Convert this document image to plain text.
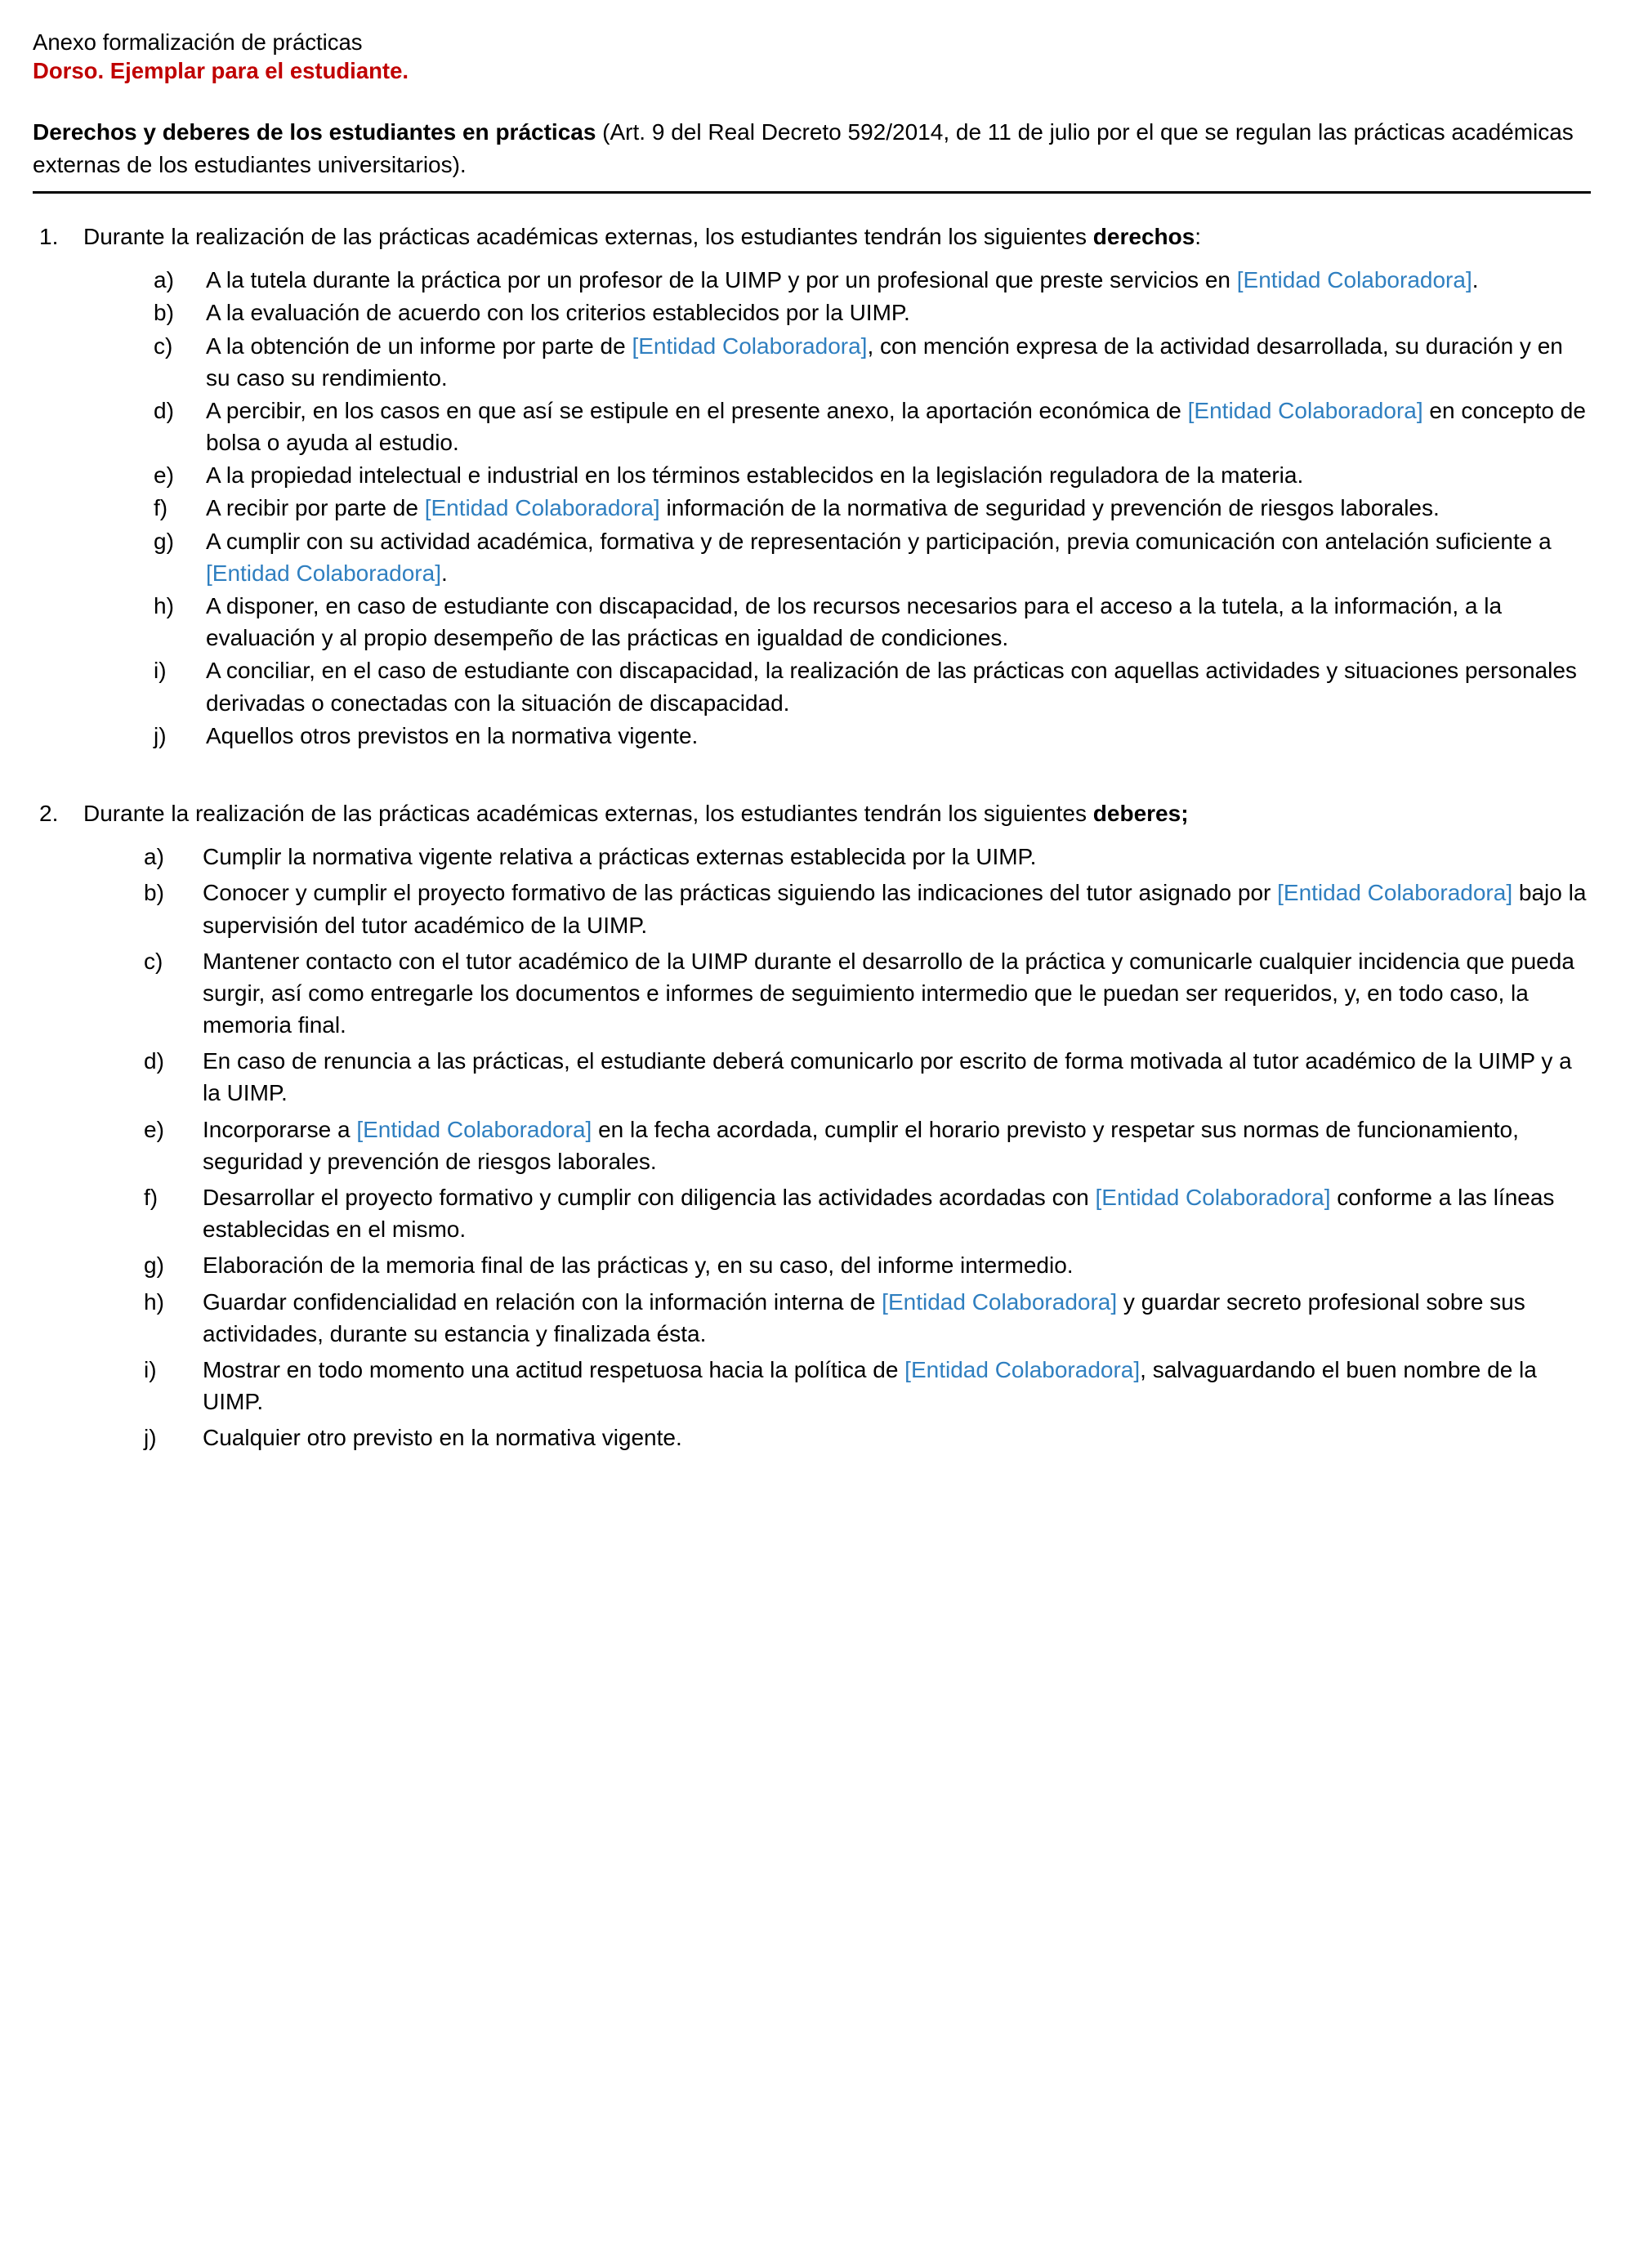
Anexo formalización de prácticas
Dorso. Ejemplar para el estudiante.
Derechos y deberes de los estudiantes en prácticas (Art. 9 del Real Decreto 592/2014, de 11 de julio por el que se regulan las prácticas académicas externas de los estudiantes universitarios).
1.	Durante la realización de las prácticas académicas externas, los estudiantes tendrán los siguientes derechos:
a)	A la tutela durante la práctica por un profesor de la UIMP y por un profesional que preste servicios en [Entidad Colaboradora].
b)	A la evaluación de acuerdo con los criterios establecidos por la UIMP.
c)	A la obtención de un informe por parte de [Entidad Colaboradora], con mención expresa de la actividad desarrollada, su duración y en su caso su rendimiento.
d)	A percibir, en los casos en que así se estipule en el presente anexo, la aportación económica de [Entidad Colaboradora] en concepto de bolsa o ayuda al estudio.
e)	A la propiedad intelectual e industrial en los términos establecidos en la legislación reguladora de la materia.
f)	A recibir por parte de [Entidad Colaboradora] información de la normativa de seguridad y prevención de riesgos laborales.
g)	A cumplir con su actividad académica, formativa y de representación y participación, previa comunicación con antelación suficiente a [Entidad Colaboradora].
h)	A disponer, en caso de estudiante con discapacidad, de los recursos necesarios para el acceso a la tutela, a la información, a la evaluación y al propio desempeño de las prácticas en igualdad de condiciones.
i)	A conciliar, en el caso de estudiante con discapacidad, la realización de las prácticas con aquellas actividades y situaciones personales derivadas o conectadas con la situación de discapacidad.
j)	Aquellos otros previstos en la normativa vigente.
2.	Durante la realización de las prácticas académicas externas, los estudiantes tendrán los siguientes deberes;
a)	Cumplir la normativa vigente relativa a prácticas externas establecida por la UIMP.
b)	Conocer y cumplir el proyecto formativo de las prácticas siguiendo las indicaciones del tutor asignado por [Entidad Colaboradora] bajo la supervisión del tutor académico de la UIMP.
c)	Mantener contacto con el tutor académico de la UIMP durante el desarrollo de la práctica y comunicarle cualquier incidencia que pueda surgir, así como entregarle los documentos e informes de seguimiento intermedio que le puedan ser requeridos, y, en todo caso, la memoria final.
d)	En caso de renuncia a las prácticas, el estudiante deberá comunicarlo por escrito de forma motivada al tutor académico de la UIMP y a la UIMP.
e)	Incorporarse a [Entidad Colaboradora] en la fecha acordada, cumplir el horario previsto y respetar sus normas de funcionamiento, seguridad y prevención de riesgos laborales.
f)	Desarrollar el proyecto formativo y cumplir con diligencia las actividades acordadas con [Entidad Colaboradora] conforme a las líneas establecidas en el mismo.
g)	Elaboración de la memoria final de las prácticas y, en su caso, del informe intermedio.
h)	Guardar confidencialidad en relación con la información interna de [Entidad Colaboradora] y guardar secreto profesional sobre sus actividades, durante su estancia y finalizada ésta.
i)	Mostrar en todo momento una actitud respetuosa hacia la política de [Entidad Colaboradora], salvaguardando el buen nombre de la UIMP.
j)	Cualquier otro previsto en la normativa vigente.
